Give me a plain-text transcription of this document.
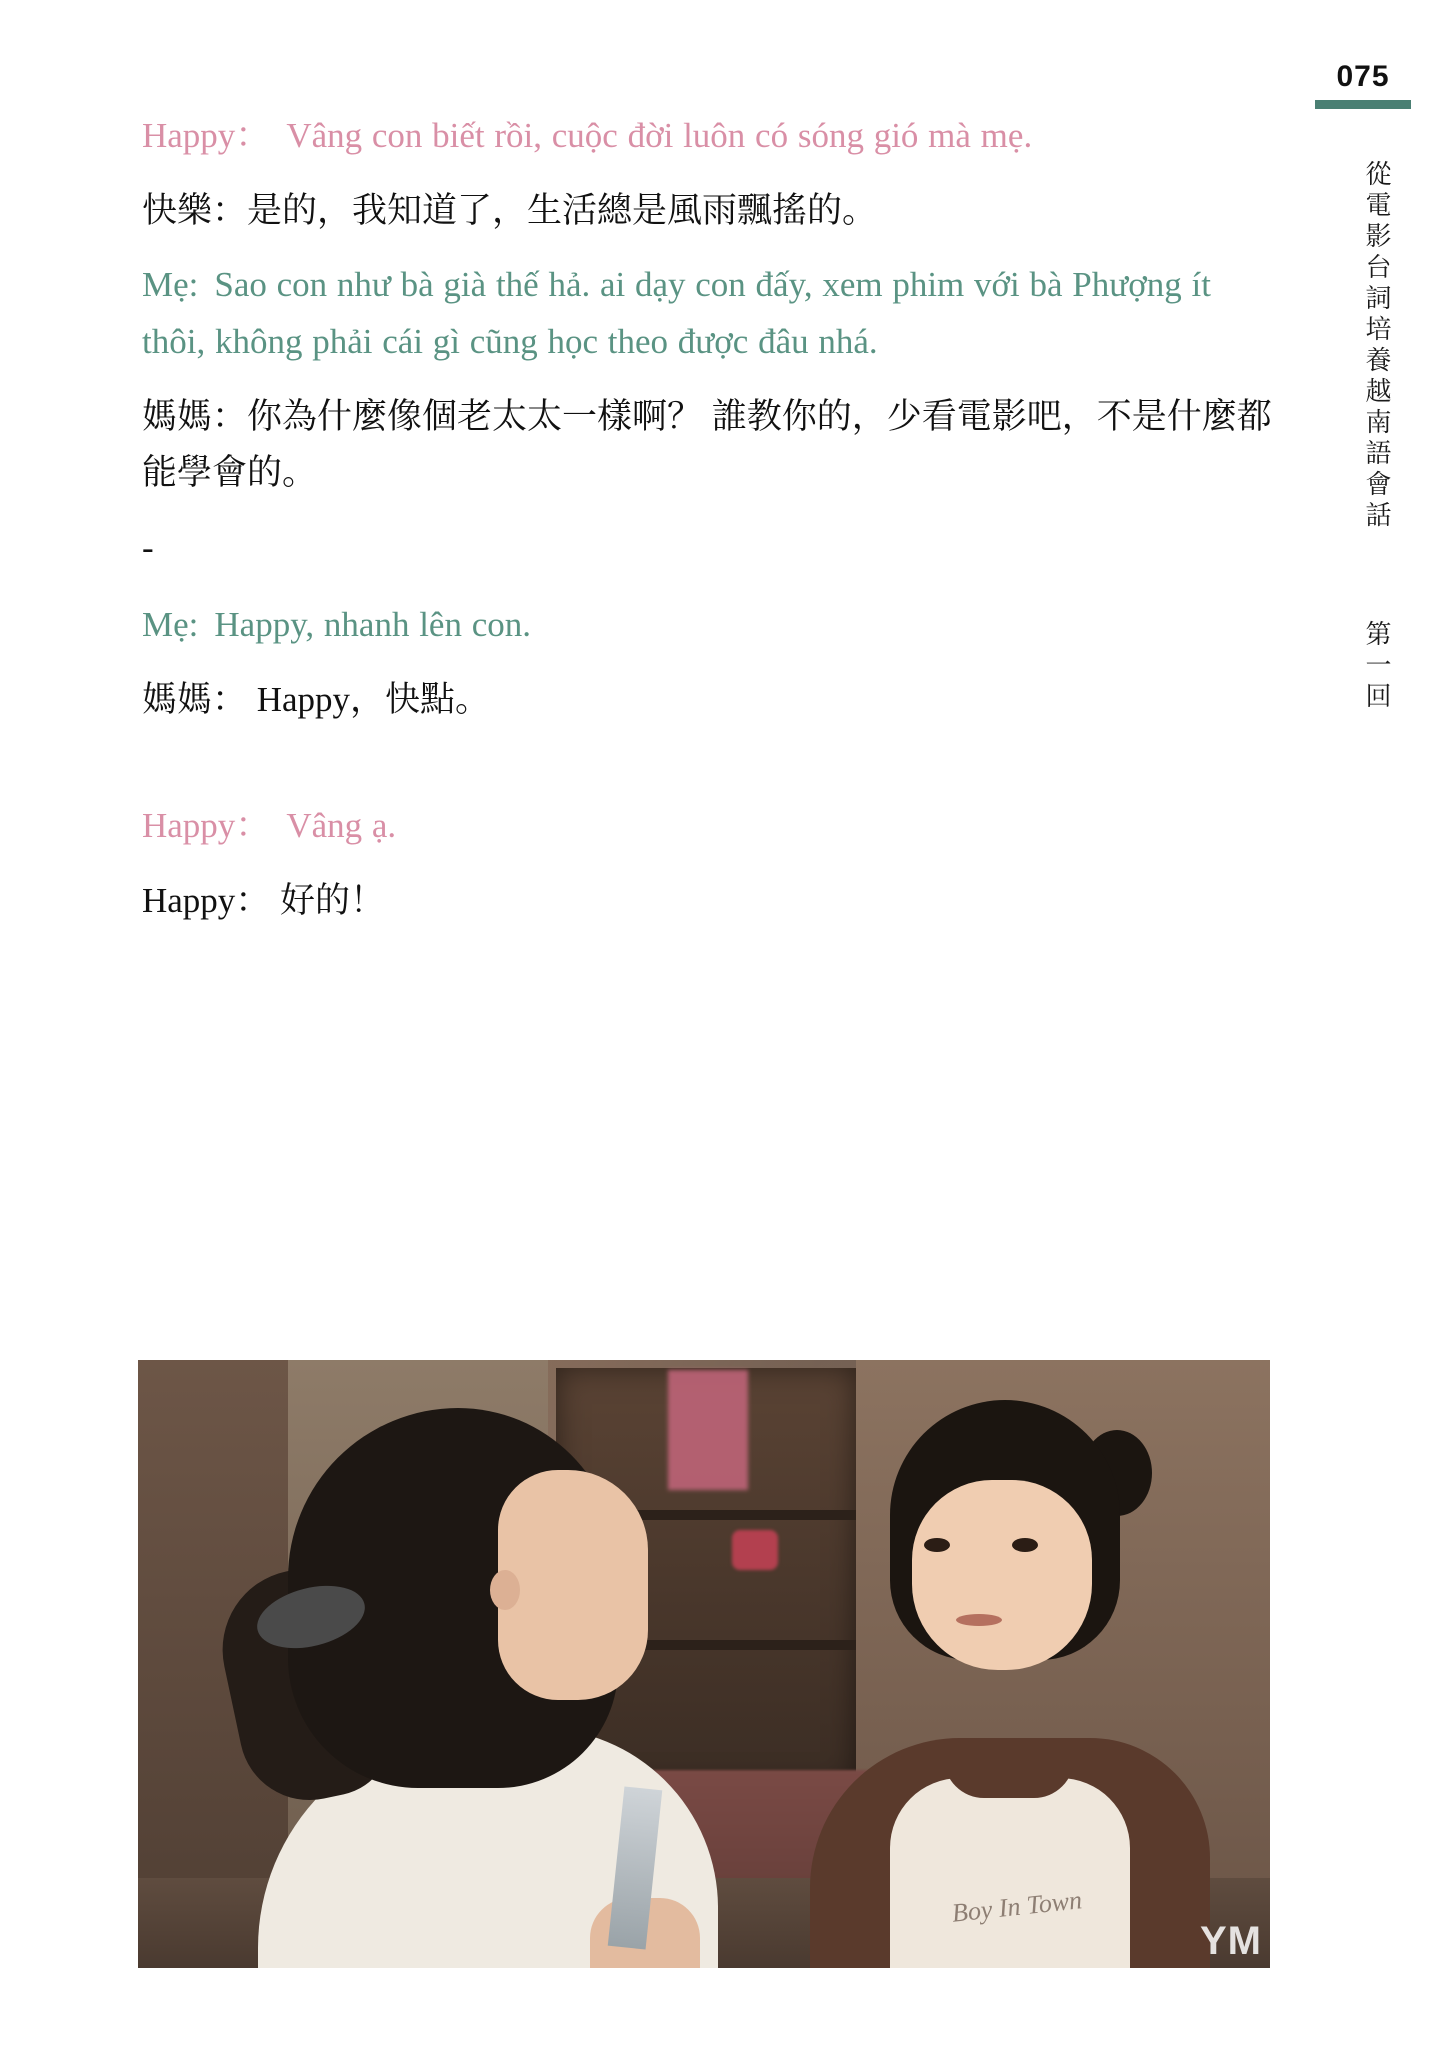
075
從電影台詞培養越南語會話
第一回

Happy： Vâng con biết rồi, cuộc đời luôn có sóng gió mà mẹ.

快樂：是的，我知道了，生活總是風雨飄搖的。

Mẹ: Sao con như bà già thế hả. ai dạy con đấy, xem phim với bà Phượng ít thôi, không phải cái gì cũng học theo được đâu nhá.

媽媽：你為什麼像個老太太一樣啊？ 誰教你的，少看電影吧，不是什麼都能學會的。

-

Mẹ: Happy, nhanh lên con.

媽媽： Happy，快點。

Happy： Vâng ạ.

Happy： 好的！

Boy In Town
YM
